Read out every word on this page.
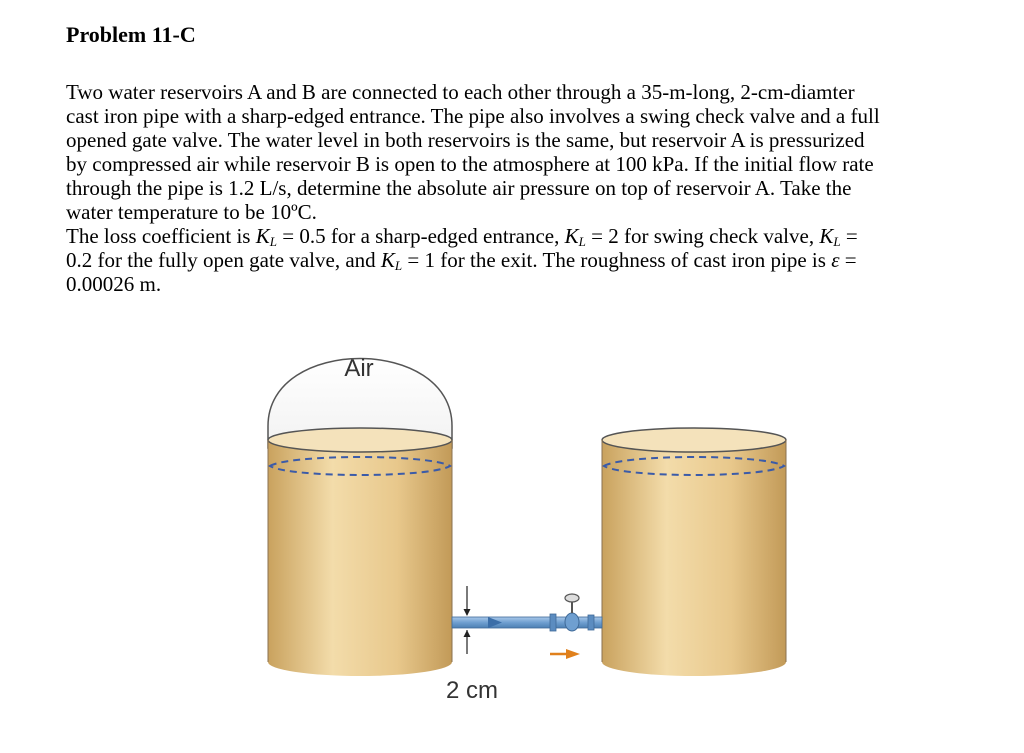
Problem 11-C
Two water reservoirs A and B are connected to each other through a 35-m-long, 2-cm-diamter
cast iron pipe with a sharp-edged entrance. The pipe also involves a swing check valve and a full
opened gate valve. The water level in both reservoirs is the same, but reservoir A is pressurized
by compressed air while reservoir B is open to the atmosphere at 100 kPa. If the initial flow rate
through the pipe is 1.2 L/s, determine the absolute air pressure on top of reservoir A. Take the
water temperature to be 10ºC.
The loss coefficient is $K_L = 0.5$ for a sharp-edged entrance, $K_L = 2$ for swing check valve, $K_L$ =
0.2 for the fully open gate valve, and $K_L = 1$ for the exit. The roughness of cast iron pipe is ε =
0.00026 m.
Air
2 cm
